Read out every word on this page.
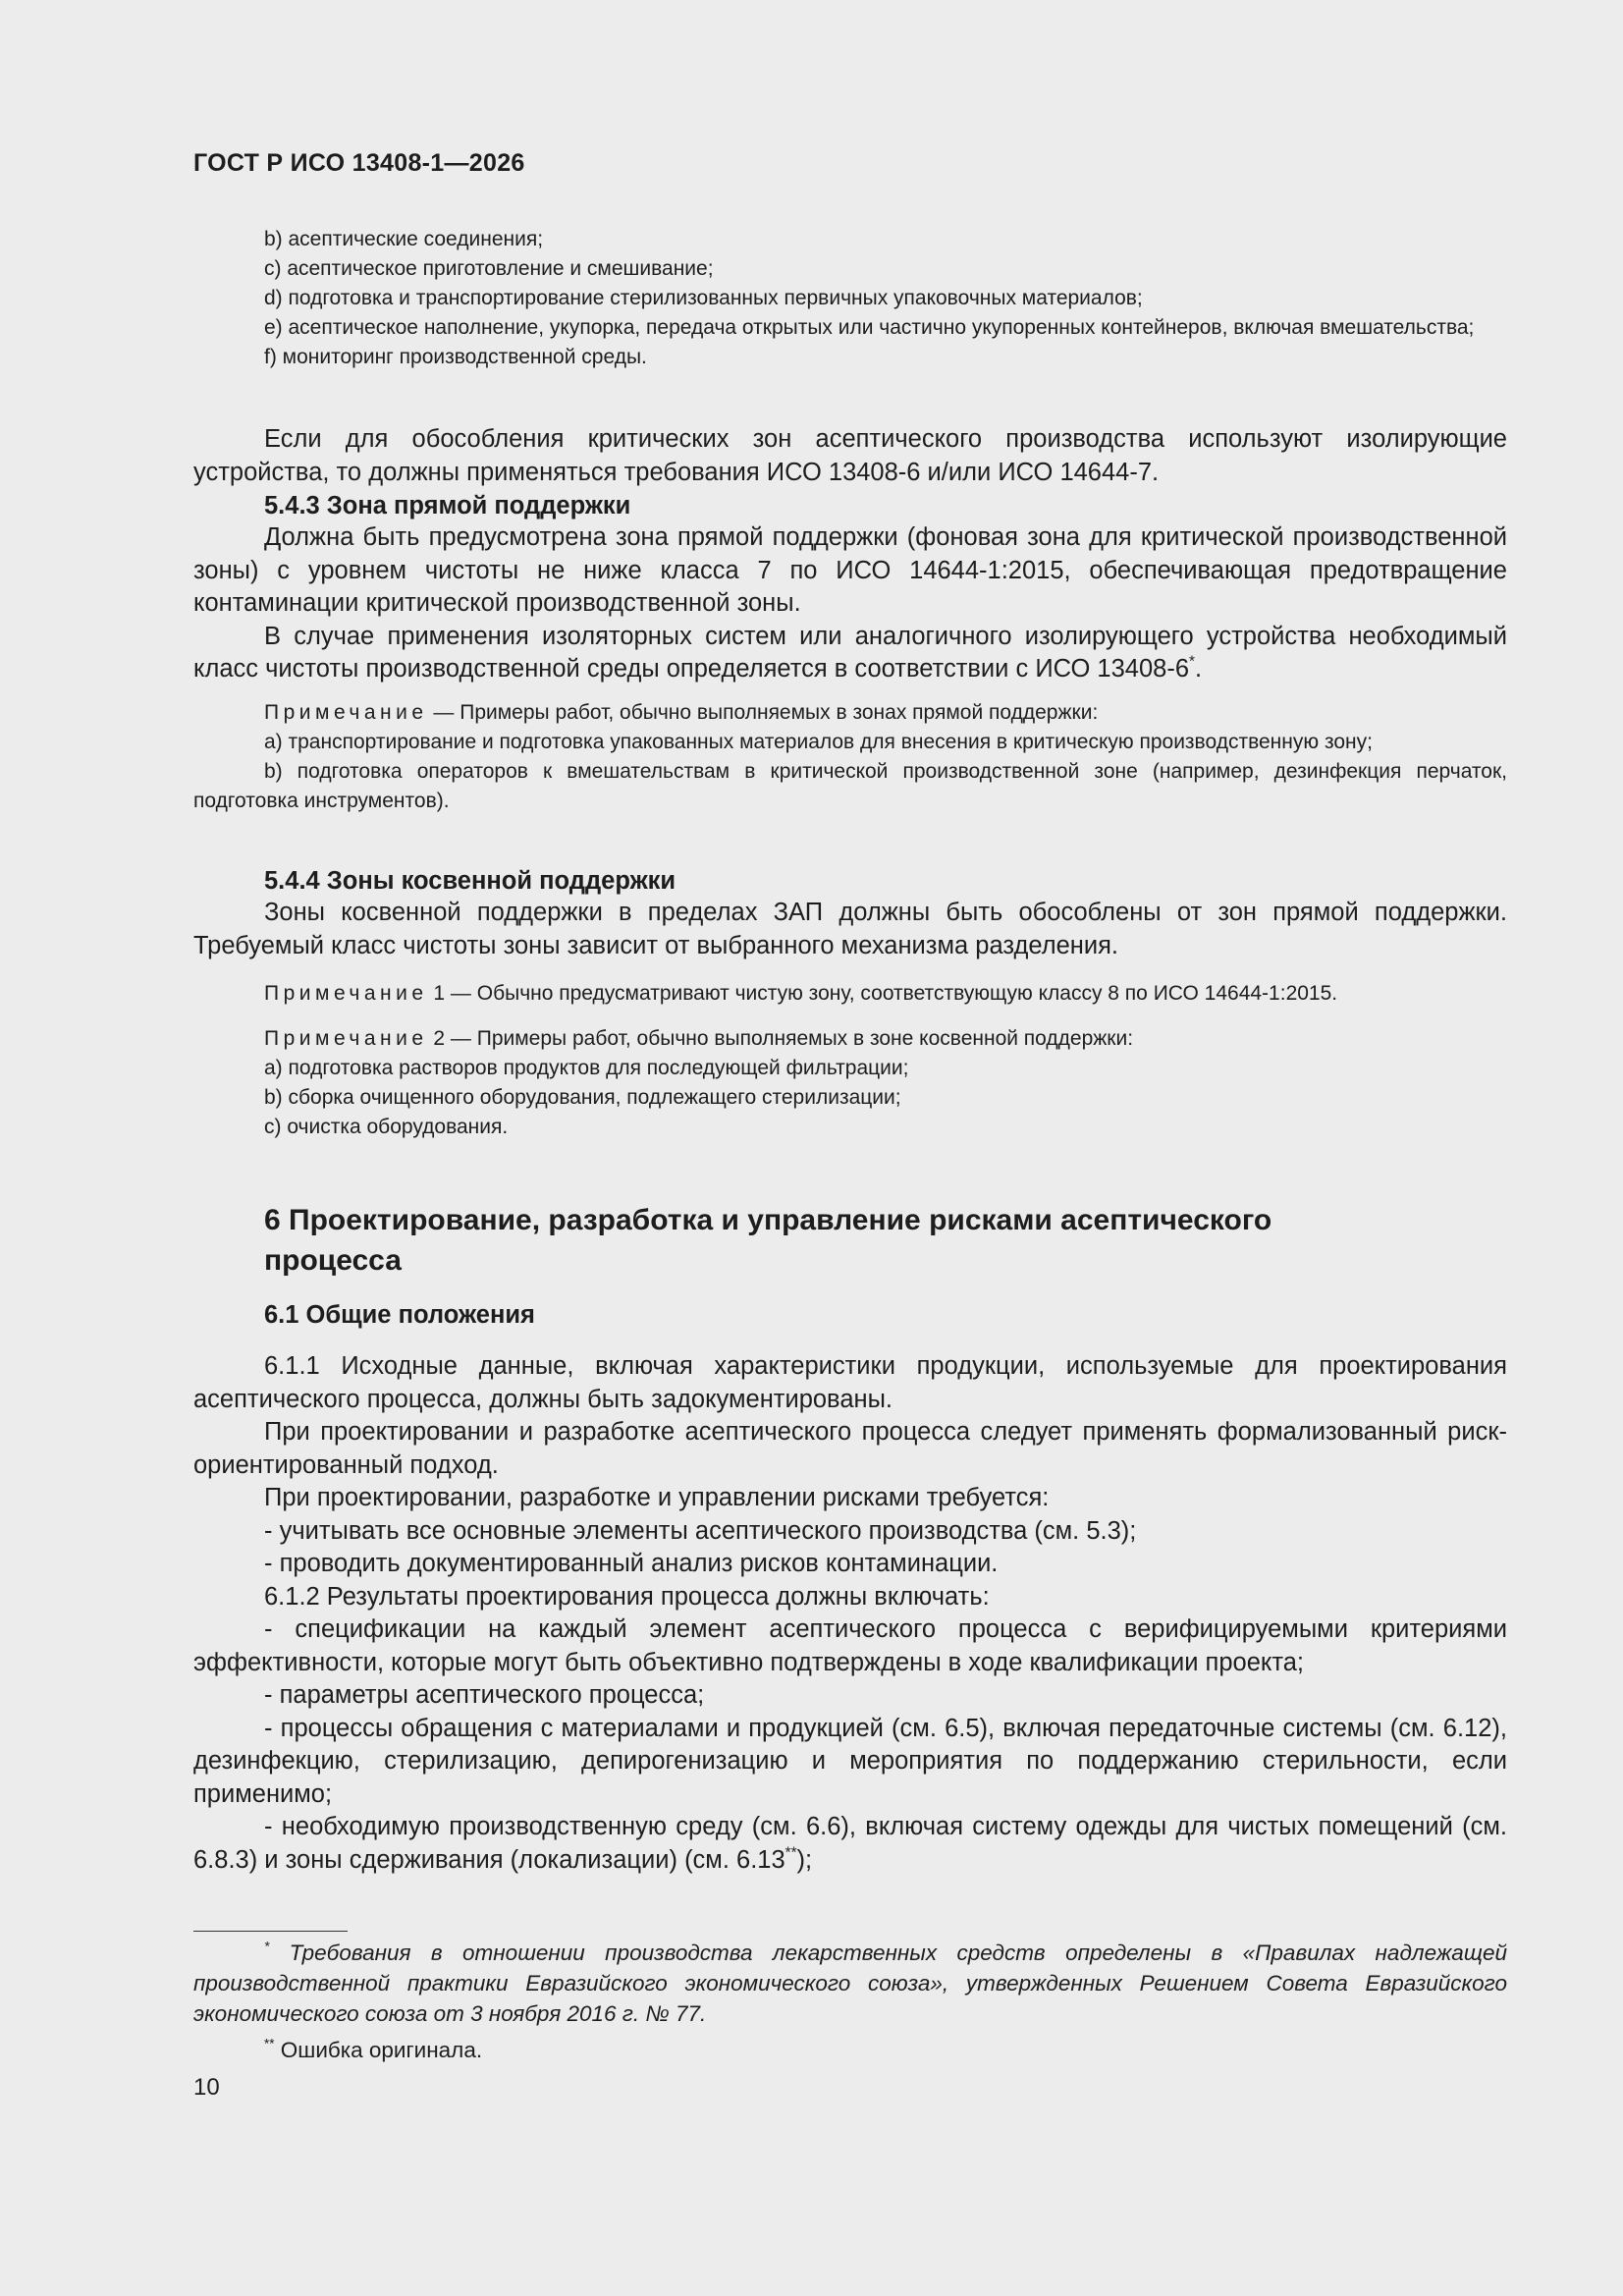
ГОСТ Р ИСО 13408-1—2026

b) асептические соединения;

c) асептическое приготовление и смешивание;

d) подготовка и транспортирование стерилизованных первичных упаковочных материалов;

e) асептическое наполнение, укупорка, передача открытых или частично укупоренных контейнеров, включая вмешательства;

f) мониторинг производственной среды.

Если для обособления критических зон асептического производства используют изолирующие устройства, то должны применяться требования ИСО 13408-6 и/или ИСО 14644-7.

5.4.3 Зона прямой поддержки

Должна быть предусмотрена зона прямой поддержки (фоновая зона для критической производственной зоны) с уровнем чистоты не ниже класса 7 по ИСО 14644-1:2015, обеспечивающая предотвращение контаминации критической производственной зоны.

В случае применения изоляторных систем или аналогичного изолирующего устройства необходимый класс чистоты производственной среды определяется в соответствии с ИСО 13408-6*.

Примечание — Примеры работ, обычно выполняемых в зонах прямой поддержки:

a) транспортирование и подготовка упакованных материалов для внесения в критическую производственную зону;

b) подготовка операторов к вмешательствам в критической производственной зоне (например, дезинфекция перчаток, подготовка инструментов).

5.4.4 Зоны косвенной поддержки

Зоны косвенной поддержки в пределах ЗАП должны быть обособлены от зон прямой поддержки. Требуемый класс чистоты зоны зависит от выбранного механизма разделения.

Примечание 1 — Обычно предусматривают чистую зону, соответствующую классу 8 по ИСО 14644-1:2015.

Примечание 2 — Примеры работ, обычно выполняемых в зоне косвенной поддержки:

a) подготовка растворов продуктов для последующей фильтрации;

b) сборка очищенного оборудования, подлежащего стерилизации;

c) очистка оборудования.

6 Проектирование, разработка и управление рисками асептического

процесса

6.1 Общие положения

6.1.1 Исходные данные, включая характеристики продукции, используемые для проектирования асептического процесса, должны быть задокументированы.

При проектировании и разработке асептического процесса следует применять формализованный риск-ориентированный подход.

При проектировании, разработке и управлении рисками требуется:

- учитывать все основные элементы асептического производства (см. 5.3);

- проводить документированный анализ рисков контаминации.

6.1.2 Результаты проектирования процесса должны включать:

- спецификации на каждый элемент асептического процесса с верифицируемыми критериями эффективности, которые могут быть объективно подтверждены в ходе квалификации проекта;

- параметры асептического процесса;

- процессы обращения с материалами и продукцией (см. 6.5), включая передаточные системы (см. 6.12), дезинфекцию, стерилизацию, депирогенизацию и мероприятия по поддержанию стерильности, если применимо;

- необходимую производственную среду (см. 6.6), включая систему одежды для чистых помещений (см. 6.8.3) и зоны сдерживания (локализации) (см. 6.13**);

* Требования в отношении производства лекарственных средств определены в «Правилах надлежащей производственной практики Евразийского экономического союза», утвержденных Решением Совета Евразийского экономического союза от 3 ноября 2016 г. № 77.

** Ошибка оригинала.

10
